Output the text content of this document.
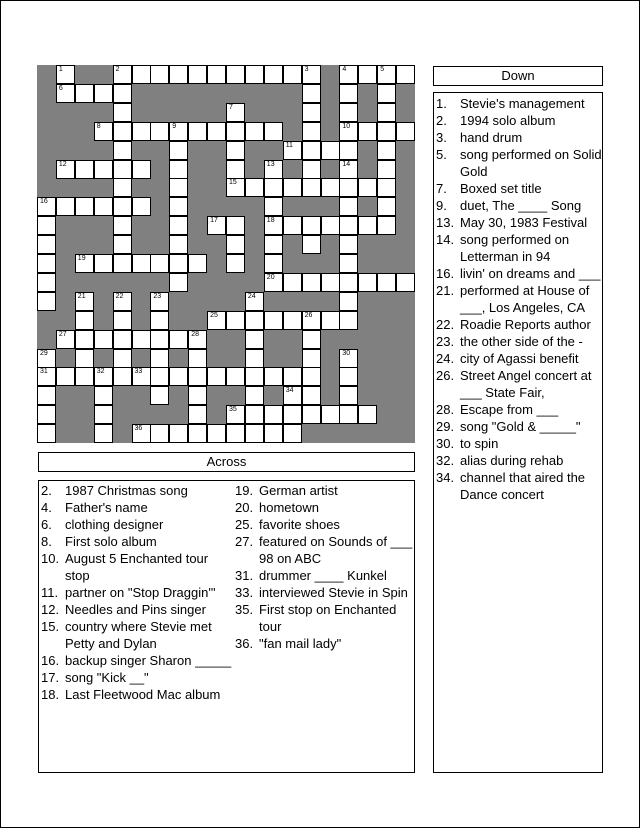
1	2	3	4	5
6
7
8	9	10
11
12	13	14
15
16
17	18
19
20
21	22	23	24
25	26
27	28
29	30
31	32	33
34
35
36
Down
1.	Stevie's management
2.	1994 solo album
3.	hand drum
5.	song performed on Solid Gold
7.	Boxed set title
9.	duet, The ____ Song
13. May 30, 1983 Festival
14. song performed on Letterman in 94
16. livin' on dreams and ___
21. performed at House of ___, Los Angeles, CA
22. Roadie Reports author
23. the other side of the -
24. city of Agassi benefit
26. Street Angel concert at ___ State Fair,
28. Escape from ___
29. song "Gold & _____"
30. to spin
32. alias during rehab
34. channel that aired the Dance concert
Across
2.	1987 Christmas song
4.	Father's name
6.	clothing designer
8.	First solo album
10. August 5 Enchanted tour stop
11. partner on "Stop Draggin'"
12. Needles and Pins singer
15. country where Stevie met Petty and Dylan
16. backup singer Sharon _____
17. song "Kick __"
18. Last Fleetwood Mac album
19. German artist
20. hometown
25. favorite shoes
27. featured on Sounds of ___ 98 on ABC
31. drummer ____ Kunkel
33. interviewed Stevie in Spin
35. First stop on Enchanted tour
36. "fan mail lady"
